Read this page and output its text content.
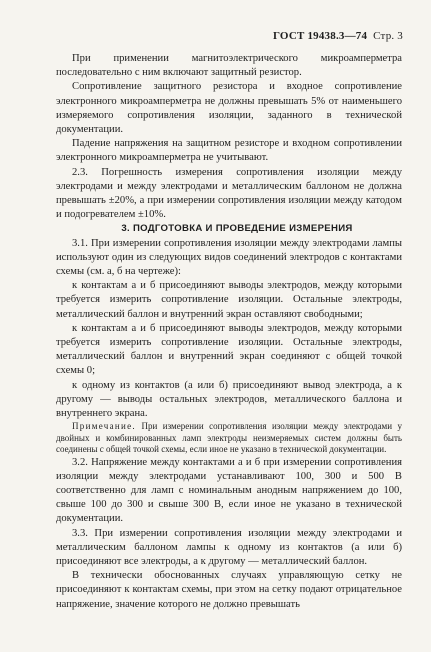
ГОСТ 19438.3—74 Стр. 3

При применении магнитоэлектрического микроамперметра последовательно с ним включают защитный резистор.

Сопротивление защитного резистора и входное сопротивление электронного микроамперметра не должны превышать 5% от наименьшего измеряемого сопротивления изоляции, заданного в технической документации.

Падение напряжения на защитном резисторе и входном сопротивлении электронного микроамперметра не учитывают.

2.3. Погрешность измерения сопротивления изоляции между электродами и между электродами и металлическим баллоном не должна превышать ±20%, а при измерении сопротивления изоляции между катодом и подогревателем ±10%.

3. ПОДГОТОВКА И ПРОВЕДЕНИЕ ИЗМЕРЕНИЯ

3.1. При измерении сопротивления изоляции между электродами лампы используют один из следующих видов соединений электродов с контактами схемы (см. а, б на чертеже):

к контактам а и б присоединяют выводы электродов, между которыми требуется измерить сопротивление изоляции. Остальные электроды, металлический баллон и внутренний экран оставляют свободными;

к контактам а и б присоединяют выводы электродов, между которыми требуется измерить сопротивление изоляции. Остальные электроды, металлический баллон и внутренний экран соединяют с общей точкой схемы 0;

к одному из контактов (а или б) присоединяют вывод электрода, а к другому — выводы остальных электродов, металлического баллона и внутреннего экрана.

Примечание. При измерении сопротивления изоляции между электродами у двойных и комбинированных ламп электроды неизмеряемых систем должны быть соединены с общей точкой схемы, если иное не указано в технической документации.

3.2. Напряжение между контактами а и б при измерении сопротивления изоляции между электродами устанавливают 100, 300 и 500 В соответственно для ламп с номинальным анодным напряжением до 100, свыше 100 до 300 и свыше 300 В, если иное не указано в технической документации.

3.3. При измерении сопротивления изоляции между электродами и металлическим баллоном лампы к одному из контактов (а или б) присоединяют все электроды, а к другому — металлический баллон.

В технически обоснованных случаях управляющую сетку не присоединяют к контактам схемы, при этом на сетку подают отрицательное напряжение, значение которого не должно превышать
